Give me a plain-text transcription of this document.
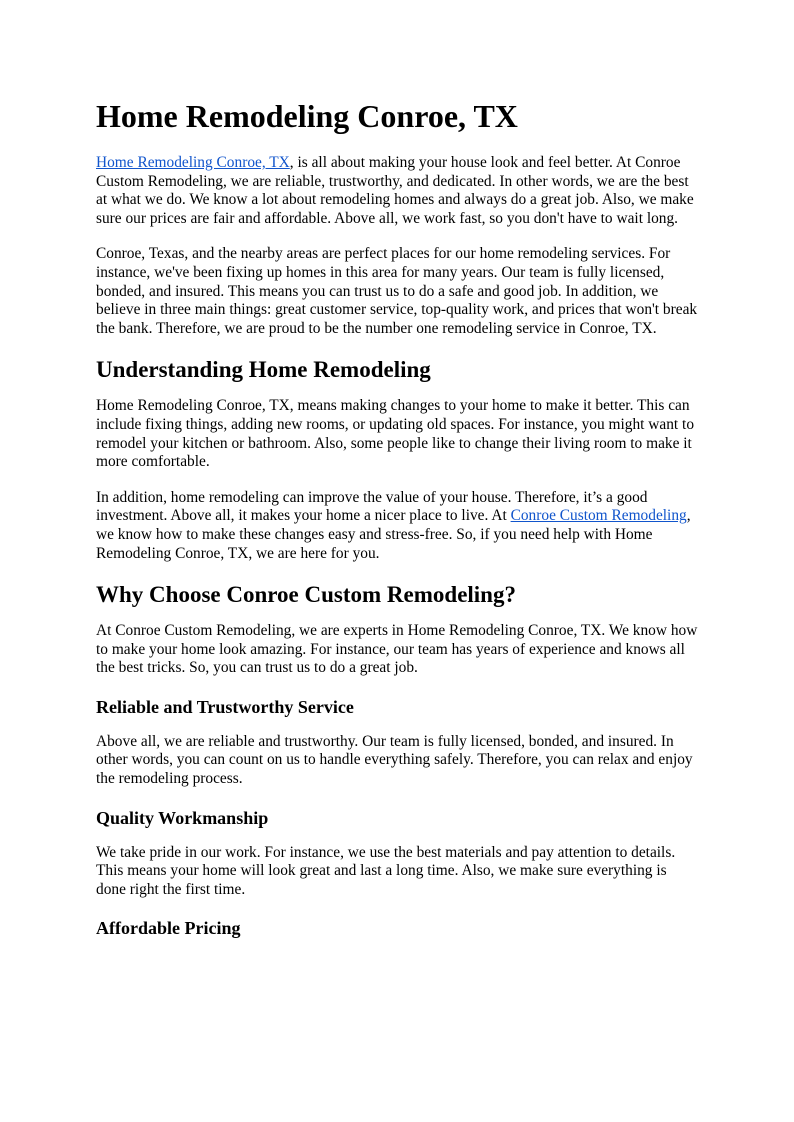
Home Remodeling Conroe, TX

Home Remodeling Conroe, TX, is all about making your house look and feel better. At Conroe Custom Remodeling, we are reliable, trustworthy, and dedicated. In other words, we are the best at what we do. We know a lot about remodeling homes and always do a great job. Also, we make sure our prices are fair and affordable. Above all, we work fast, so you don't have to wait long.

Conroe, Texas, and the nearby areas are perfect places for our home remodeling services. For instance, we've been fixing up homes in this area for many years. Our team is fully licensed, bonded, and insured. This means you can trust us to do a safe and good job. In addition, we believe in three main things: great customer service, top-quality work, and prices that won't break the bank. Therefore, we are proud to be the number one remodeling service in Conroe, TX.

Understanding Home Remodeling

Home Remodeling Conroe, TX, means making changes to your home to make it better. This can include fixing things, adding new rooms, or updating old spaces. For instance, you might want to remodel your kitchen or bathroom. Also, some people like to change their living room to make it more comfortable.

In addition, home remodeling can improve the value of your house. Therefore, it’s a good investment. Above all, it makes your home a nicer place to live. At Conroe Custom Remodeling, we know how to make these changes easy and stress-free. So, if you need help with Home Remodeling Conroe, TX, we are here for you.

Why Choose Conroe Custom Remodeling?

At Conroe Custom Remodeling, we are experts in Home Remodeling Conroe, TX. We know how to make your home look amazing. For instance, our team has years of experience and knows all the best tricks. So, you can trust us to do a great job.

Reliable and Trustworthy Service

Above all, we are reliable and trustworthy. Our team is fully licensed, bonded, and insured. In other words, you can count on us to handle everything safely. Therefore, you can relax and enjoy the remodeling process.

Quality Workmanship

We take pride in our work. For instance, we use the best materials and pay attention to details. This means your home will look great and last a long time. Also, we make sure everything is done right the first time.

Affordable Pricing
